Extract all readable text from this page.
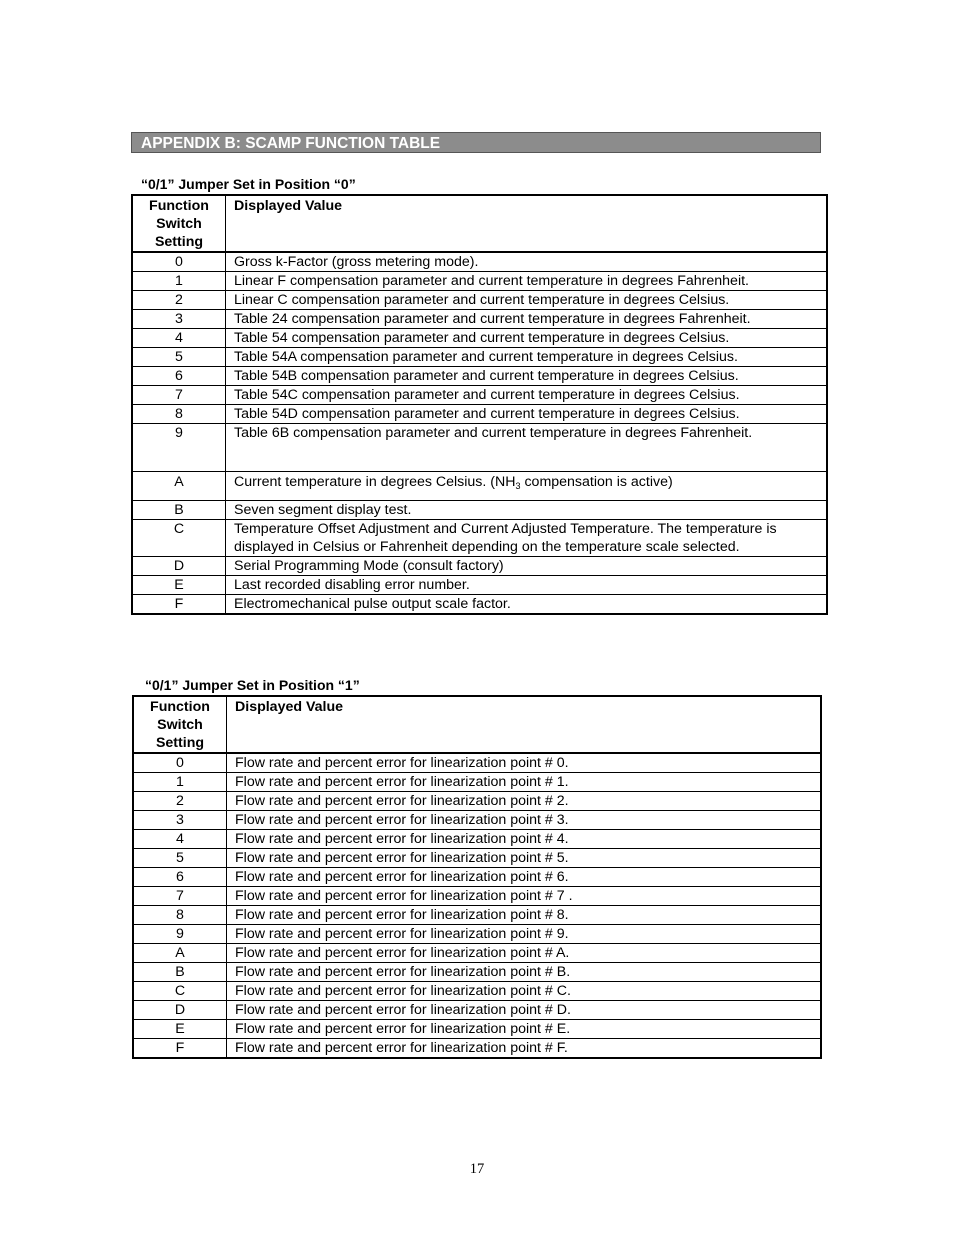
APPENDIX B: SCAMP FUNCTION TABLE
“0/1” Jumper Set in Position “0”
Function Switch Setting	Displayed Value
0	Gross k-Factor (gross metering mode).
1	Linear F compensation parameter and current temperature in degrees Fahrenheit.
2	Linear C compensation parameter and current temperature in degrees Celsius.
3	Table 24 compensation parameter and current temperature in degrees Fahrenheit.
4	Table 54 compensation parameter and current temperature in degrees Celsius.
5	Table 54A compensation parameter and current temperature in degrees Celsius.
6	Table 54B compensation parameter and current temperature in degrees Celsius.
7	Table 54C compensation parameter and current temperature in degrees Celsius.
8	Table 54D compensation parameter and current temperature in degrees Celsius.
9	Table 6B compensation parameter and current temperature in degrees Fahrenheit.
A	Current temperature in degrees Celsius. ($NH_3$ compensation is active)
B	Seven segment display test.
C	Temperature Offset Adjustment and Current Adjusted Temperature. The temperature is displayed in Celsius or Fahrenheit depending on the temperature scale selected.
D	Serial Programming Mode (consult factory)
E	Last recorded disabling error number.
F	Electromechanical pulse output scale factor.
“0/1” Jumper Set in Position “1”
Function Switch Setting	Displayed Value
0	Flow rate and percent error for linearization point # 0.
1	Flow rate and percent error for linearization point # 1.
2	Flow rate and percent error for linearization point # 2.
3	Flow rate and percent error for linearization point # 3.
4	Flow rate and percent error for linearization point # 4.
5	Flow rate and percent error for linearization point # 5.
6	Flow rate and percent error for linearization point # 6.
7	Flow rate and percent error for linearization point # 7 .
8	Flow rate and percent error for linearization point # 8.
9	Flow rate and percent error for linearization point # 9.
A	Flow rate and percent error for linearization point # A.
B	Flow rate and percent error for linearization point # B.
C	Flow rate and percent error for linearization point # C.
D	Flow rate and percent error for linearization point # D.
E	Flow rate and percent error for linearization point # E.
F	Flow rate and percent error for linearization point # F.
17
